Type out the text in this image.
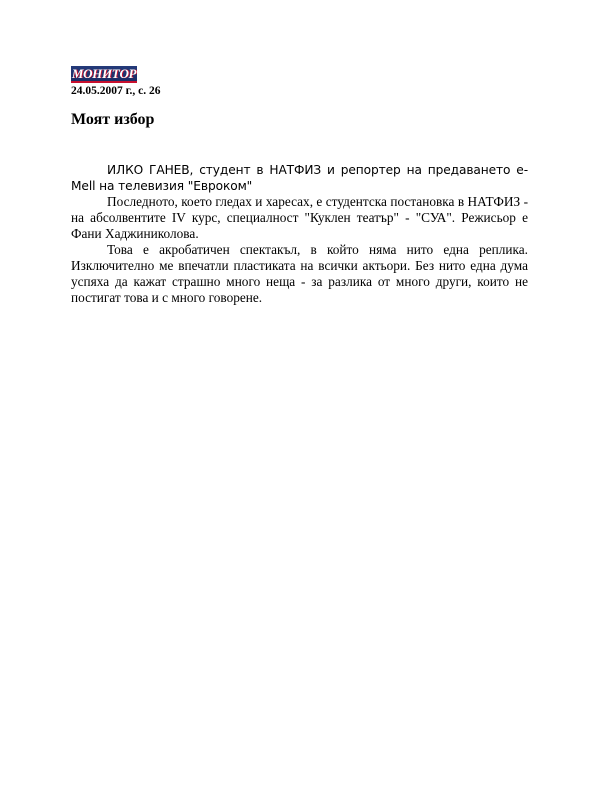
МОНИТОР
24.05.2007 г., с. 26
Моят избор

ИЛКО ГАНЕВ, студент в НАТФИЗ и репортер на предаването е-Mell на телевизия "Евроком"

Последното, което гледах и харесах, е студентска постановка в НАТФИЗ - на абсолвентите IV курс, специалност "Куклен театър" - "СУА". Режисьор е Фани Хаджиниколова.

Това е акробатичен спектакъл, в който няма нито една реплика. Изключително ме впечатли пластиката на всички актьори. Без нито една дума успяха да кажат страшно много неща - за разлика от много други, които не постигат това и с много говорене.
